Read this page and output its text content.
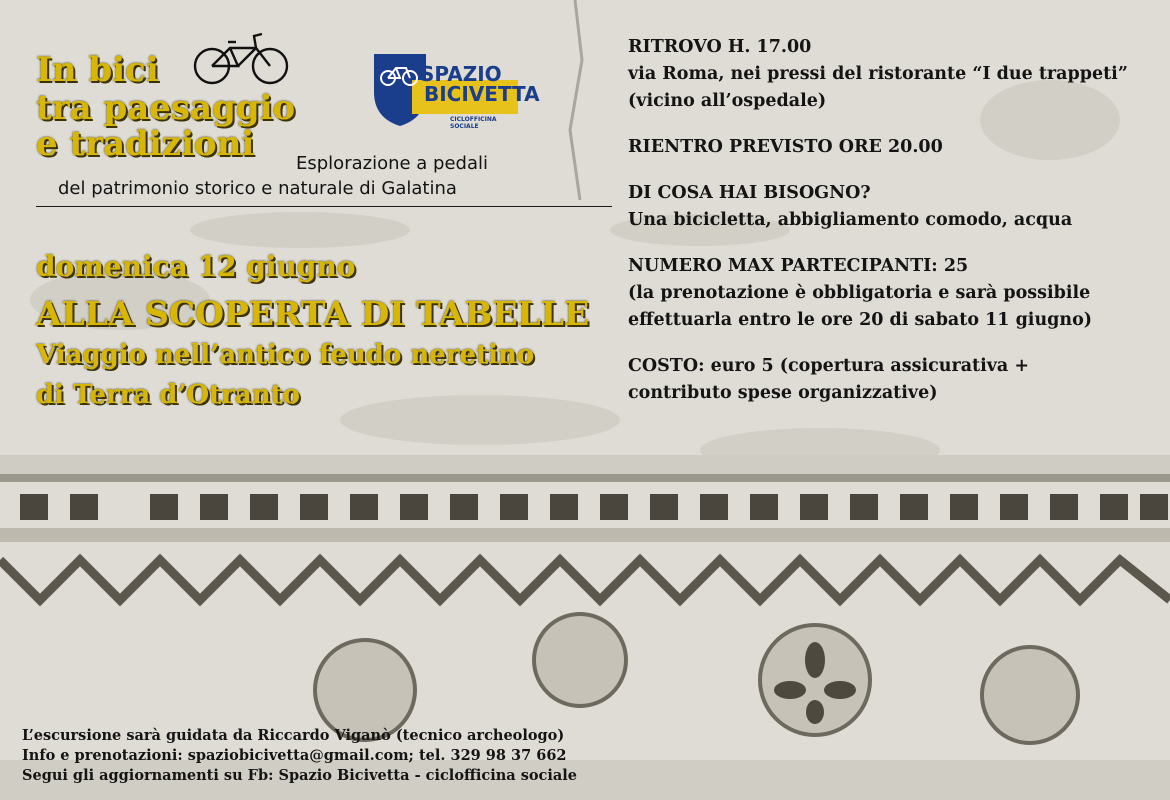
In bici
tra paesaggio
e tradizioni Esplorazione a pedali
del patrimonio storico e naturale di Galatina
SPAZIO
BICIVETTA
CICLOFFICINA SOCIALE
domenica 12 giugno
ALLA SCOPERTA DI TABELLE
Viaggio nell’antico feudo neretino
di Terra d’Otranto
RITROVO H. 17.00
via Roma, nei pressi del ristorante “I due trappeti”
(vicino all’ospedale)
RIENTRO PREVISTO ORE 20.00
DI COSA HAI BISOGNO?
Una bicicletta, abbigliamento comodo, acqua
NUMERO MAX PARTECIPANTI: 25
(la prenotazione è obbligatoria e sarà possibile
effettuarla entro le ore 20 di sabato 11 giugno)
COSTO: euro 5 (copertura assicurativa +
contributo spese organizzative)
L’escursione sarà guidata da Riccardo Viganò (tecnico archeologo)
Info e prenotazioni: spaziobicivetta@gmail.com; tel. 329 98 37 662
Segui gli aggiornamenti su Fb: Spazio Bicivetta - ciclofficina sociale
